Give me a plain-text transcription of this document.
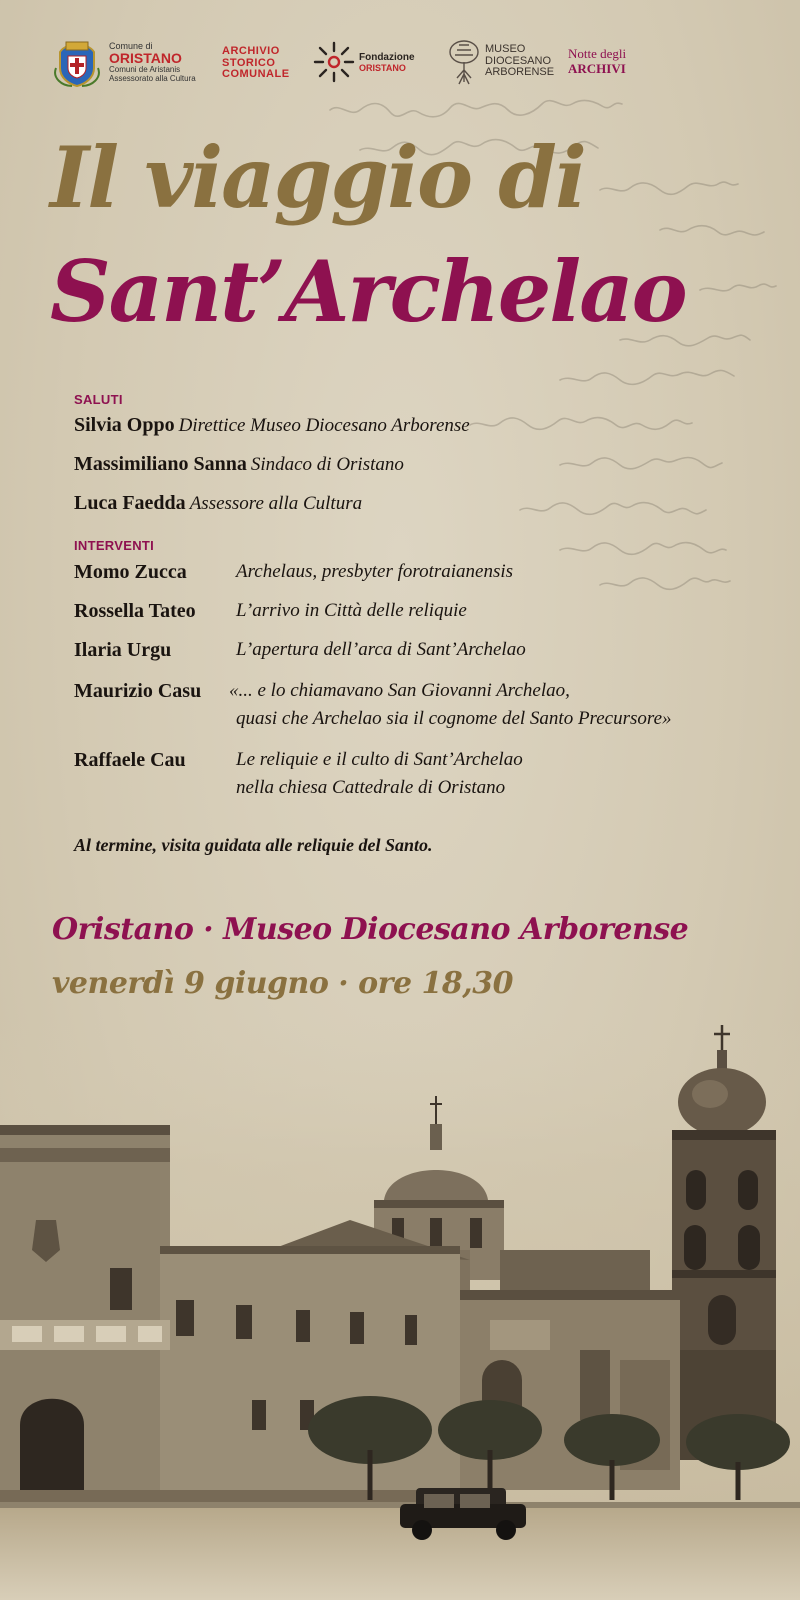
Comune di
ORISTANO
Comuni de Aristanis
Assessorato alla Cultura
ARCHIVIO
STORICO
COMUNALE
Fondazione
ORISTANO
MUSEO
DIOCESANO
ARBORENSE
Notte degli
ARCHIVI
Il viaggio di
Sant’Archelao
SALUTI
Silvia Oppo Direttice Museo Diocesano Arborense
Massimiliano Sanna Sindaco di Oristano
Luca Faedda Assessore alla Cultura
INTERVENTI
Momo Zucca	Archelaus, presbyter forotraianensis
Rossella Tateo L’arrivo in Città delle reliquie
Ilaria Urgu	L’apertura dell’arca di Sant’Archelao
Maurizio Casu «... e lo chiamavano San Giovanni Archelao,
quasi che Archelao sia il cognome del Santo Precursore»
Raffaele Cau	Le reliquie e il culto di Sant’Archelao
nella chiesa Cattedrale di Oristano
Al termine, visita guidata alle reliquie del Santo.
Oristano · Museo Diocesano Arborense
venerdì 9 giugno · ore 18,30
